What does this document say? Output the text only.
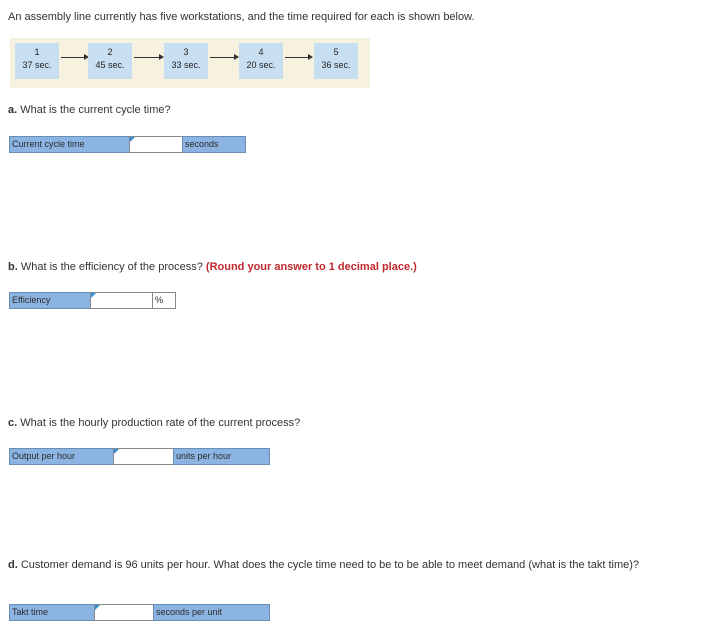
An assembly line currently has five workstations, and the time required for each is shown below.
1
37 sec.
2
45 sec.
3
33 sec.
4
20 sec.
5
36 sec.
a. What is the current cycle time?
Current cycle time	seconds
b. What is the efficiency of the process? (Round your answer to 1 decimal place.)
Efficiency	%
c. What is the hourly production rate of the current process?
Output per hour	units per hour
d. Customer demand is 96 units per hour. What does the cycle time need to be to be able to meet demand (what is the takt time)?
Takt time	seconds per unit
